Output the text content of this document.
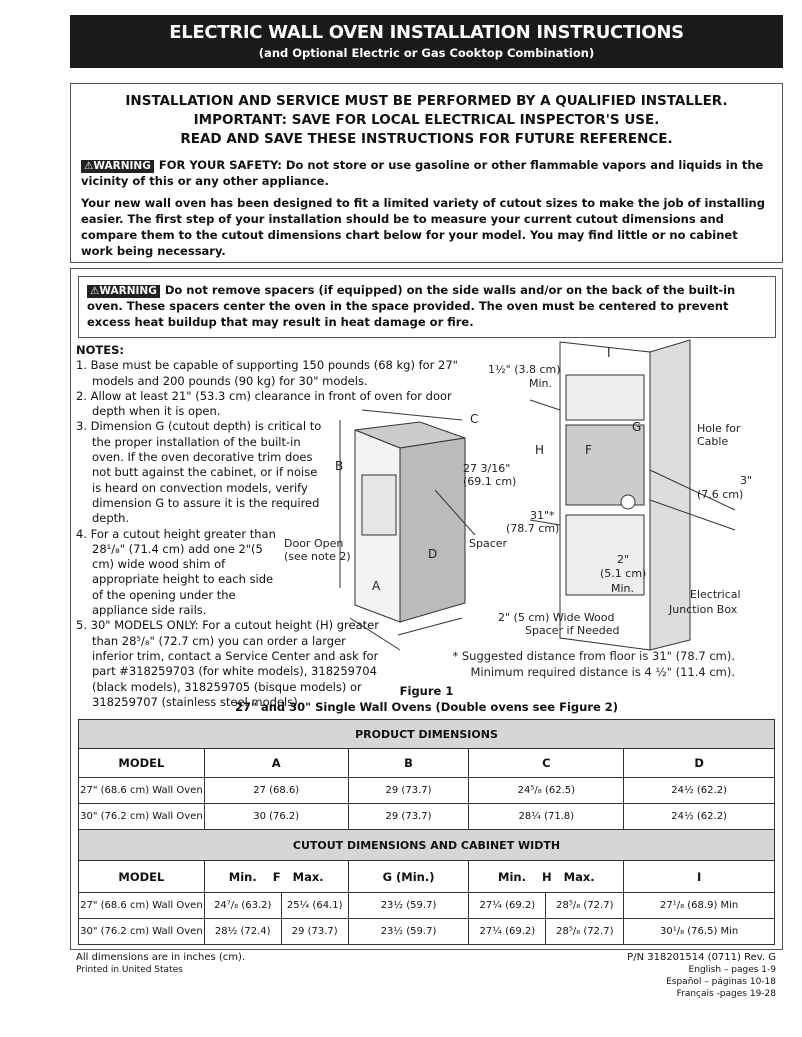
ELECTRIC WALL OVEN INSTALLATION INSTRUCTIONS
(and Optional Electric or Gas Cooktop Combination)
INSTALLATION AND SERVICE MUST BE PERFORMED BY A QUALIFIED INSTALLER.
IMPORTANT: SAVE FOR LOCAL ELECTRICAL INSPECTOR'S USE.
READ AND SAVE THESE INSTRUCTIONS FOR FUTURE REFERENCE.
⚠WARNING FOR YOUR SAFETY: Do not store or use gasoline or other flammable vapors and liquids in the vicinity of this or any other appliance.
Your new wall oven has been designed to fit a limited variety of cutout sizes to make the job of installing easier. The first step of your installation should be to measure your current cutout dimensions and compare them to the cutout dimensions chart below for your model. You may find little or no cabinet work being necessary.
⚠WARNING Do not remove spacers (if equipped) on the side walls and/or on the back of the built-in oven. These spacers center the oven in the space provided. The oven must be centered to prevent excess heat buildup that may result in heat damage or fire.
NOTES:
1. Base must be capable of supporting 150 pounds (68 kg) for 27" models and 200 pounds (90 kg) for 30" models.
2. Allow at least 21" (53.3 cm) clearance in front of oven for door depth when it is open.
3. Dimension G (cutout depth) is critical to the proper installation of the built-in oven. If the oven decorative trim does not butt against the cabinet, or if noise is heard on convection models, verify dimension G to assure it is the required depth.
4. For a cutout height greater than 28¹/₈" (71.4 cm) add one 2"(5 cm) wide wood shim of appropriate height to each side of the opening under the appliance side rails.
5. 30" MODELS ONLY: For a cutout height (H) greater than 28⁵/₈" (72.7 cm) you can order a larger inferior trim, contact a Service Center and ask for part #318259703 (for white models), 318259704 (black models), 318259705 (bisque models) or 318259707 (stainless steel models).
C
B
D
A
Door Open
(see note 2)
27 3/16"
(69.1 cm)
Spacer
I
G
H	F
1½" (3.8 cm)
Min.
Hole for
Cable
3"
(7.6 cm)
31"*
(78.7 cm)
2"
(5.1 cm)
Min.	Electrical
Junction Box
2" (5 cm) Wide Wood
Spacer if Needed
* Suggested distance from floor is 31" (78.7 cm).
Minimum required distance is 4 ½" (11.4 cm).
Figure 1
27" and 30" Single Wall Ovens (Double ovens see Figure 2)
PRODUCT DIMENSIONS						
MODEL	A		B	C		D
27" (68.6 cm) Wall Oven	27 (68.6)		29 (73.7)	24⁵/₈ (62.5)		24½ (62.2)
30" (76.2 cm) Wall Oven	30 (76.2)		29 (73.7)	28¼ (71.8)		24½ (62.2)
CUTOUT DIMENSIONS AND CABINET WIDTH						
MODEL	Min.    F   Max.		G (Min.)	Min.    H   Max.		I
27" (68.6 cm) Wall Oven	24⁷/₈ (63.2)	25¼ (64.1)	23½ (59.7)	27¼ (69.2)	28⁵/₈ (72.7)	27¹/₈ (68.9) Min
30" (76.2 cm) Wall Oven	28½ (72.4)	29 (73.7)	23½ (59.7)	27¼ (69.2)	28⁵/₈ (72.7)	30¹/₈ (76.5) Min
All dimensions are in inches (cm).
Printed in United States
P/N 318201514 (0711) Rev. G
English – pages 1-9
Español – páginas 10-18
Français -pages 19-28
